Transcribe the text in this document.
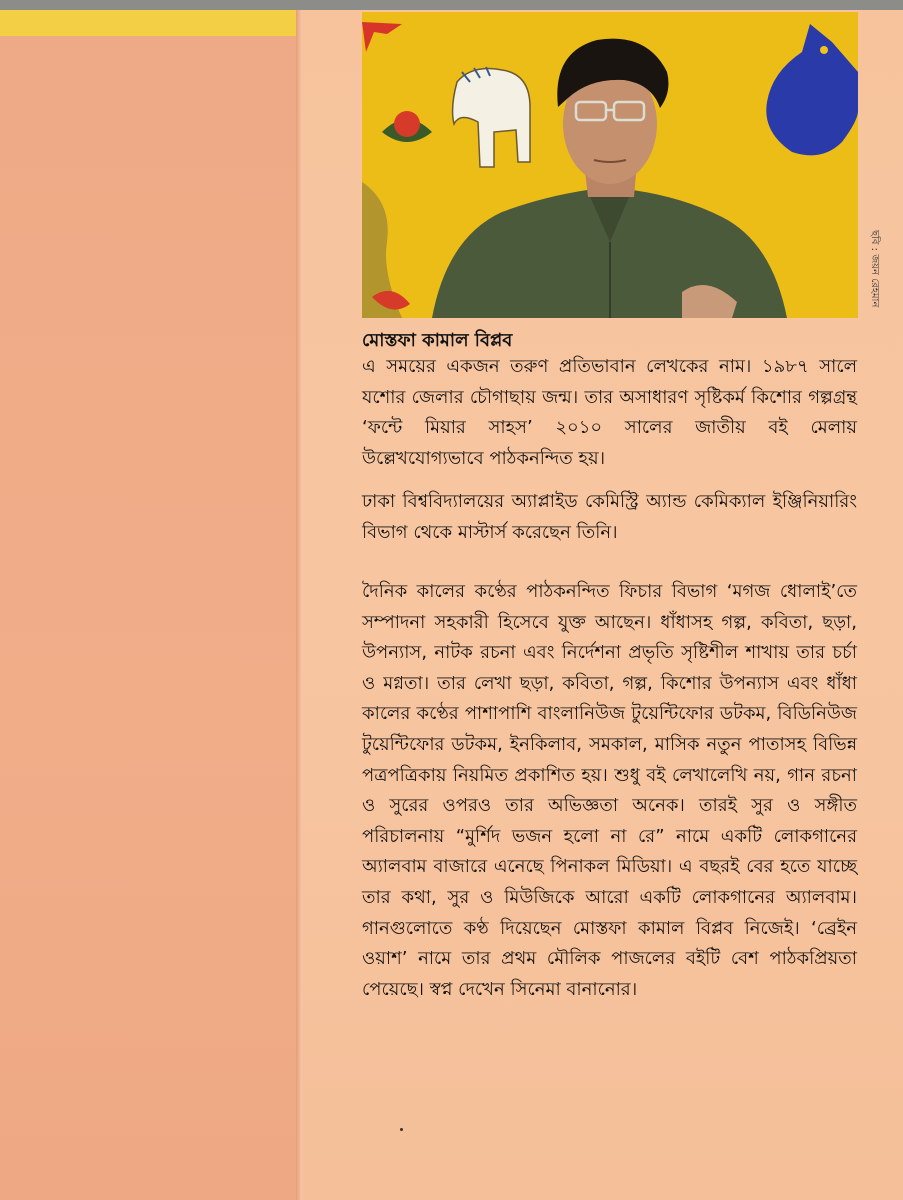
ছবি : জয়ন রেহমান
মোস্তফা কামাল বিপ্লব

এ সময়ের একজন তরুণ প্রতিভাবান লেখকের নাম। ১৯৮৭ সালে যশোর জেলার চৌগাছায় জন্ম। তার অসাধারণ সৃষ্টিকর্ম কিশোর গল্পগ্রন্থ ‘ফন্টে মিয়ার সাহস’ ২০১০ সালের জাতীয় বই মেলায় উল্লেখযোগ্যভাবে পাঠকনন্দিত হয়।

ঢাকা বিশ্ববিদ্যালয়ের অ্যাপ্লাইড কেমিস্ট্রি অ্যান্ড কেমিক্যাল ইঞ্জিনিয়ারিং বিভাগ থেকে মাস্টার্স করেছেন তিনি।

দৈনিক কালের কণ্ঠের পাঠকনন্দিত ফিচার বিভাগ ‘মগজ ধোলাই’তে সম্পাদনা সহকারী হিসেবে যুক্ত আছেন। ধাঁধাসহ গল্প, কবিতা, ছড়া, উপন্যাস, নাটক রচনা এবং নির্দেশনা প্রভৃতি সৃষ্টিশীল শাখায় তার চর্চা ও মগ্নতা। তার লেখা ছড়া, কবিতা, গল্প, কিশোর উপন্যাস এবং ধাঁধা কালের কণ্ঠের পাশাপাশি বাংলানিউজ টুয়েন্টিফোর ডটকম, বিডিনিউজ টুয়েন্টিফোর ডটকম, ইনকিলাব, সমকাল, মাসিক নতুন পাতাসহ বিভিন্ন পত্রপত্রিকায় নিয়মিত প্রকাশিত হয়। শুধু বই লেখালেখি নয়, গান রচনা ও সুরের ওপরও তার অভিজ্ঞতা অনেক। তারই সুর ও সঙ্গীত পরিচালনায় “মুর্শিদ ভজন হলো না রে” নামে একটি লোকগানের অ্যালবাম বাজারে এনেছে পিনাকল মিডিয়া। এ বছরই বের হতে যাচ্ছে তার কথা, সুর ও মিউজিকে আরো একটি লোকগানের অ্যালবাম। গানগুলোতে কণ্ঠ দিয়েছেন মোস্তফা কামাল বিপ্লব নিজেই। ‘ব্রেইন ওয়াশ’ নামে তার প্রথম মৌলিক পাজলের বইটি বেশ পাঠকপ্রিয়তা পেয়েছে। স্বপ্ন দেখেন সিনেমা বানানোর।
